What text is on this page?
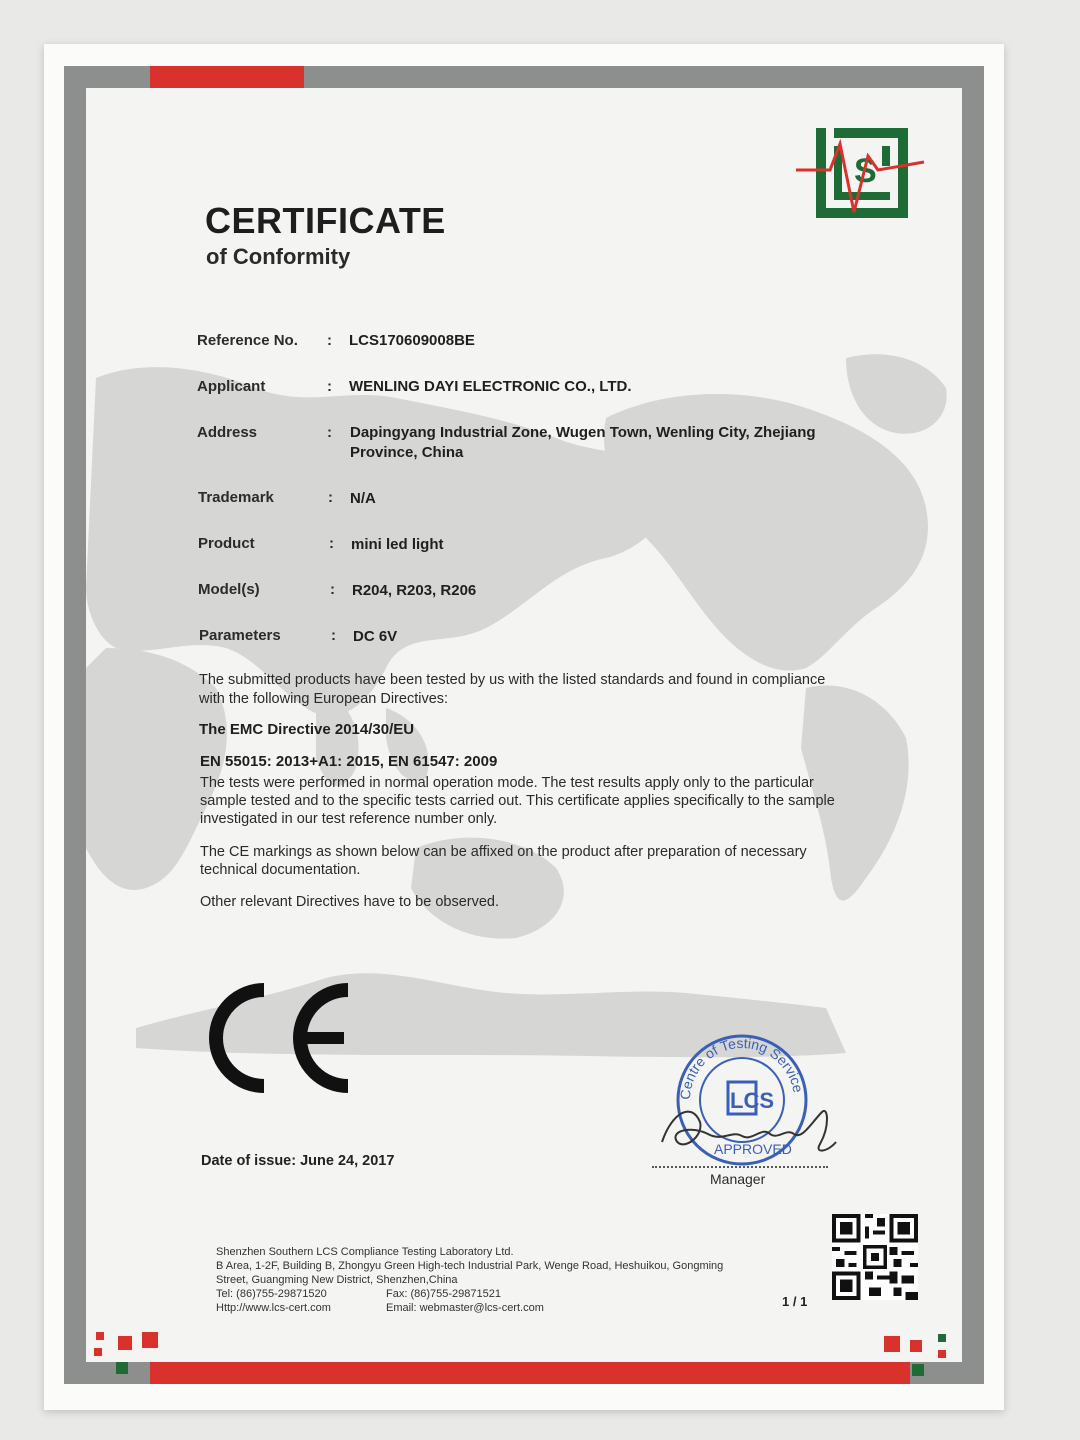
S
CERTIFICATE
of Conformity
Reference No. : LCS170609008BE
Applicant	: WENLING DAYI ELECTRONIC CO., LTD.
Address	: Dapingyang Industrial Zone, Wugen Town, Wenling City, Zhejiang
Province, China
Trademark	: N/A
Product	: mini led light
Model(s)	: R204, R203, R206
Parameters	: DC 6V
The submitted products have been tested by us with the listed standards and found in compliance
with the following European Directives:
The EMC Directive 2014/30/EU
EN 55015: 2013+A1: 2015, EN 61547: 2009
The tests were performed in normal operation mode. The test results apply only to the particular
sample tested and to the specific tests carried out. This certificate applies specifically to the sample
investigated in our test reference number only.
The CE markings as shown below can be affixed on the product after preparation of necessary
technical documentation.
Other relevant Directives have to be observed.
Centre of Testing Service
LCS
APPROVED
Manager
Date of issue: June 24, 2017
Shenzhen Southern LCS Compliance Testing Laboratory Ltd.
B Area, 1-2F, Building B, Zhongyu Green High-tech Industrial Park, Wenge Road, Heshuikou, Gongming
Street, Guangming New District, Shenzhen,China
Tel: (86)755-29871520	Fax: (86)755-29871521
Http://www.lcs-cert.com	Email: webmaster@lcs-cert.com	1 / 1
